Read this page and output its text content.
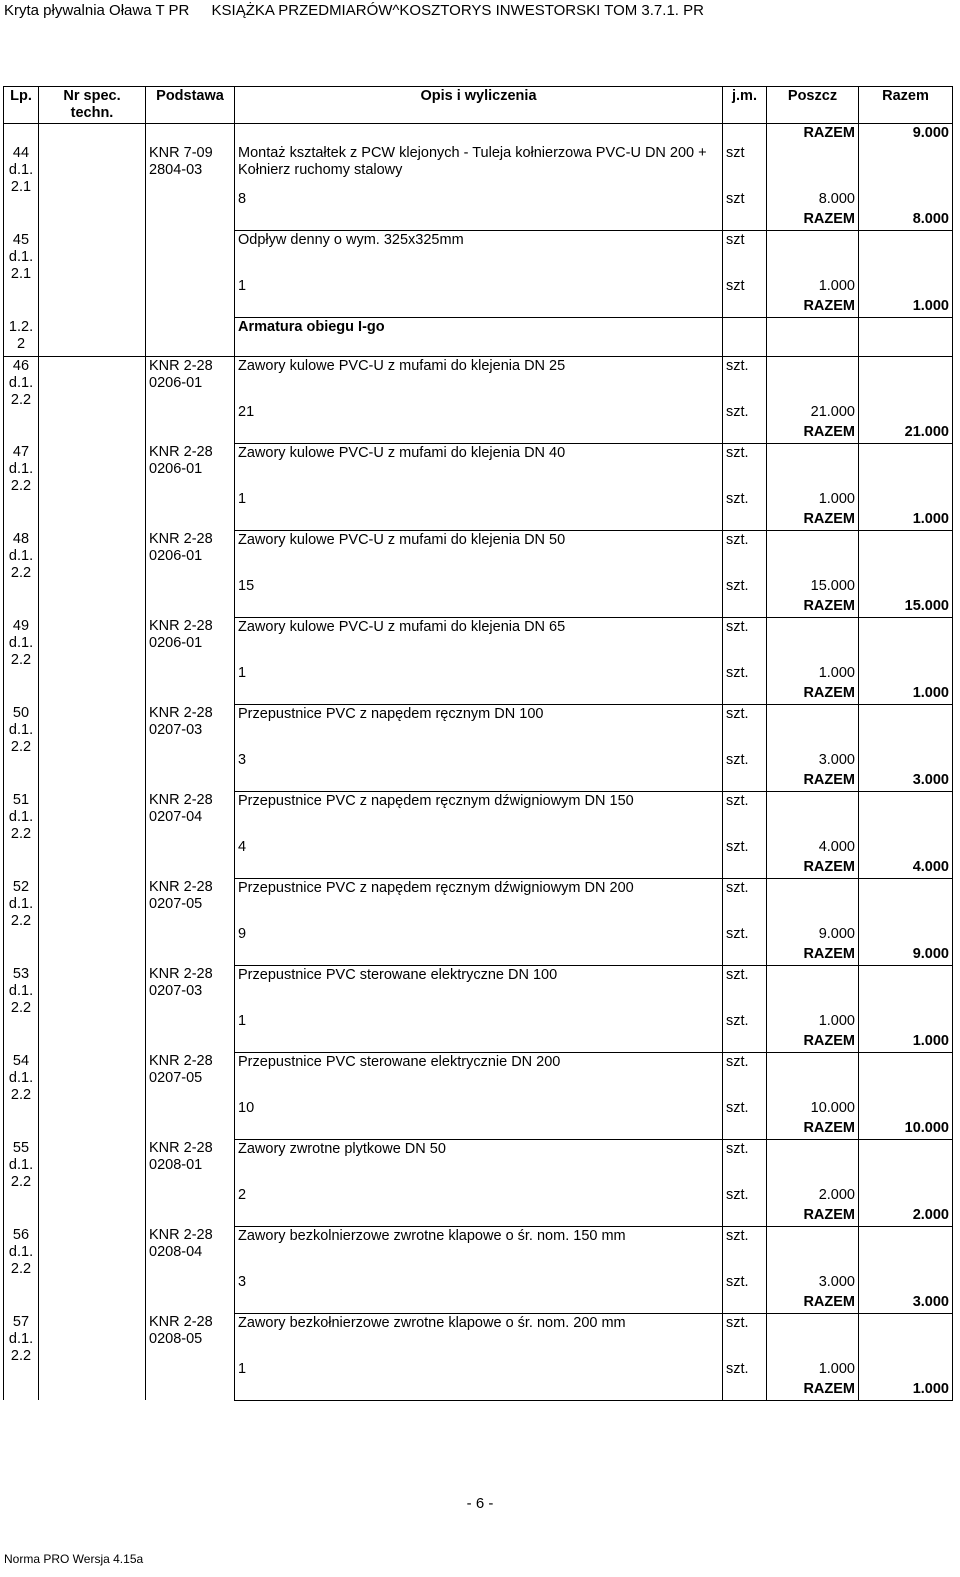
Kryta pływalnia Oława T PR KSIĄŻKA PRZEDMIARÓW^KOSZTORYS INWESTORSKI TOM 3.7.1. PR
Lp.	Nr spec. techn.	Podstawa	Opis i wyliczenia	j.m.	Poszcz	Razem
					RAZEM	9.000
44 d.1. 2.1		KNR 7-09 2804-03	Montaż kształtek z PCW klejonych - Tuleja kołnierzowa PVC-U DN 200 + Kołnierz ruchomy stalowy	szt		
			8	szt	8.000	
					RAZEM	8.000
45 d.1. 2.1			Odpływ denny o wym. 325x325mm	szt		
			1	szt	1.000	
					RAZEM	1.000
1.2. 2			Armatura obiegu I-go			
46 d.1. 2.2		KNR 2-28 0206-01	Zawory kulowe PVC-U z mufami do klejenia DN 25	szt.		
			21	szt.	21.000	
					RAZEM	21.000
47 d.1. 2.2		KNR 2-28 0206-01	Zawory kulowe PVC-U z mufami do klejenia DN 40	szt.		
			1	szt.	1.000	
					RAZEM	1.000
48 d.1. 2.2		KNR 2-28 0206-01	Zawory kulowe PVC-U z mufami do klejenia DN 50	szt.		
			15	szt.	15.000	
					RAZEM	15.000
49 d.1. 2.2		KNR 2-28 0206-01	Zawory kulowe PVC-U z mufami do klejenia DN 65	szt.		
			1	szt.	1.000	
					RAZEM	1.000
50 d.1. 2.2		KNR 2-28 0207-03	Przepustnice PVC z napędem ręcznym DN 100	szt.		
			3	szt.	3.000	
					RAZEM	3.000
51 d.1. 2.2		KNR 2-28 0207-04	Przepustnice PVC z napędem ręcznym dźwigniowym DN 150	szt.		
			4	szt.	4.000	
					RAZEM	4.000
52 d.1. 2.2		KNR 2-28 0207-05	Przepustnice PVC z napędem ręcznym dźwigniowym DN 200	szt.		
			9	szt.	9.000	
					RAZEM	9.000
53 d.1. 2.2		KNR 2-28 0207-03	Przepustnice PVC sterowane elektryczne DN 100	szt.		
			1	szt.	1.000	
					RAZEM	1.000
54 d.1. 2.2		KNR 2-28 0207-05	Przepustnice PVC sterowane elektrycznie DN 200	szt.		
			10	szt.	10.000	
					RAZEM	10.000
55 d.1. 2.2		KNR 2-28 0208-01	Zawory zwrotne plytkowe DN 50	szt.		
			2	szt.	2.000	
					RAZEM	2.000
56 d.1. 2.2		KNR 2-28 0208-04	Zawory bezkolnierzowe zwrotne klapowe o śr. nom. 150 mm	szt.		
			3	szt.	3.000	
					RAZEM	3.000
57 d.1. 2.2		KNR 2-28 0208-05	Zawory bezkołnierzowe zwrotne klapowe o śr. nom. 200 mm	szt.		
			1	szt.	1.000	
					RAZEM	1.000
- 6 -
Norma PRO Wersja 4.15a
